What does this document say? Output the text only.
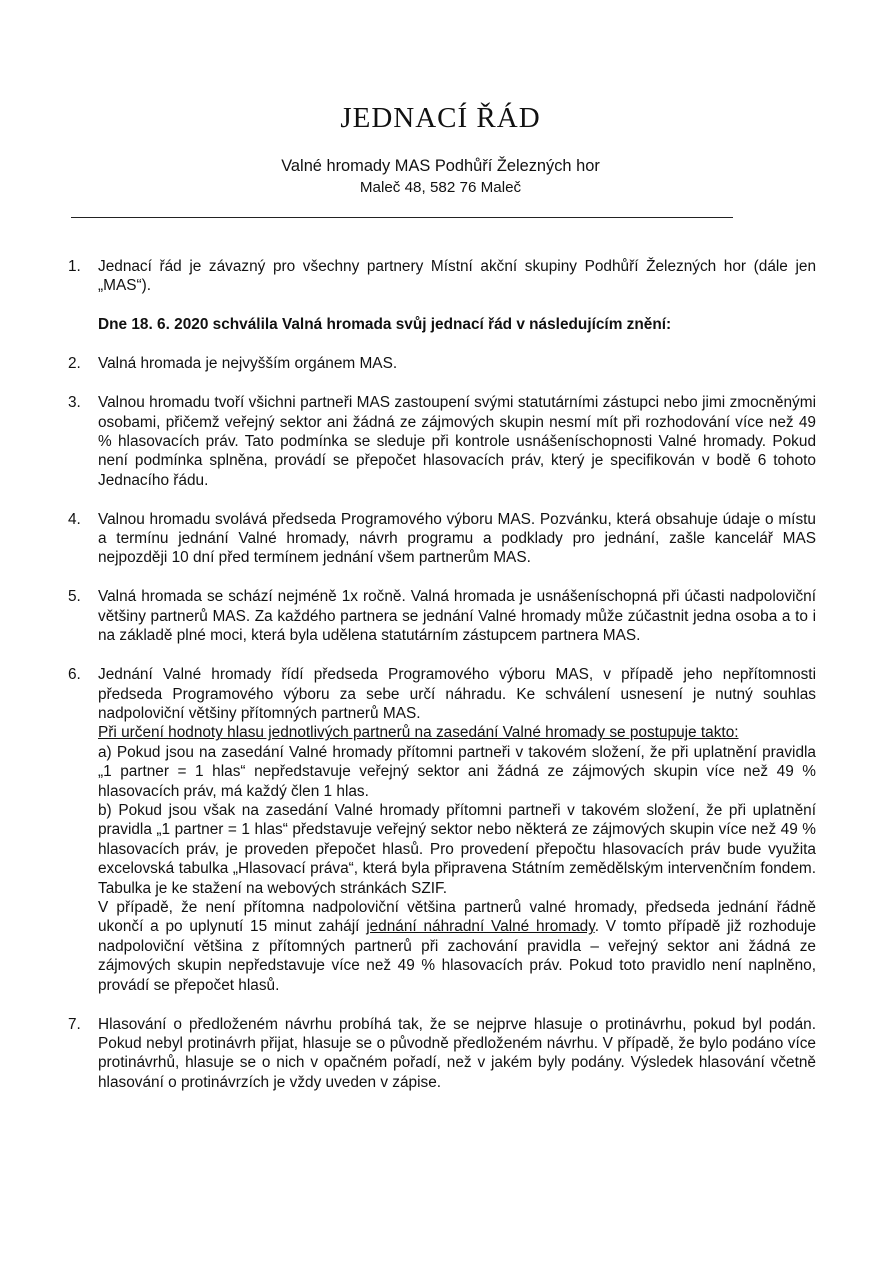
JEDNACÍ ŘÁD

Valné hromady MAS Podhůří Železných hor

Maleč 48, 582 76 Maleč

1.	Jednací řád je závazný pro všechny partnery Místní akční skupiny Podhůří Železných hor (dále jen „MAS“).

Dne 18. 6. 2020 schválila Valná hromada svůj jednací řád v následujícím znění:

2.	Valná hromada je nejvyšším orgánem MAS.
3.	Valnou hromadu tvoří všichni partneři MAS zastoupení svými statutárními zástupci nebo jimi zmocněnými osobami, přičemž veřejný sektor ani žádná ze zájmových skupin nesmí mít při rozhodování více než 49 % hlasovacích práv. Tato podmínka se sleduje při kontrole usnášeníschopnosti Valné hromady. Pokud není podmínka splněna, provádí se přepočet hlasovacích práv, který je specifikován v bodě 6 tohoto Jednacího řádu.
4.	Valnou hromadu svolává předseda Programového výboru MAS. Pozvánku, která obsahuje údaje o místu a termínu jednání Valné hromady, návrh programu a podklady pro jednání, zašle kancelář MAS nejpozději 10 dní před termínem jednání všem partnerům MAS.
5.	Valná hromada se schází nejméně 1x ročně. Valná hromada je usnášeníschopná při účasti nadpoloviční většiny partnerů MAS. Za každého partnera se jednání Valné hromady může zúčastnit jedna osoba a to i na základě plné moci, která byla udělena statutárním zástupcem partnera MAS.
6.	Jednání Valné hromady řídí předseda Programového výboru MAS, v případě jeho nepřítomnosti předseda Programového výboru za sebe určí náhradu. Ke schválení usnesení je nutný souhlas nadpoloviční většiny přítomných partnerů MAS.

Při určení hodnoty hlasu jednotlivých partnerů na zasedání Valné hromady se postupuje takto:

a) Pokud jsou na zasedání Valné hromady přítomni partneři v takovém složení, že při uplatnění pravidla „1 partner = 1 hlas“ nepředstavuje veřejný sektor ani žádná ze zájmových skupin více než 49 % hlasovacích práv, má každý člen 1 hlas.

b) Pokud jsou však na zasedání Valné hromady přítomni partneři v takovém složení, že při uplatnění pravidla „1 partner = 1 hlas“ představuje veřejný sektor nebo některá ze zájmových skupin více než 49 % hlasovacích práv, je proveden přepočet hlasů. Pro provedení přepočtu hlasovacích práv bude využita excelovská tabulka „Hlasovací práva“, která byla připravena Státním zemědělským intervenčním fondem. Tabulka je ke stažení na webových stránkách SZIF.

V případě, že není přítomna nadpoloviční většina partnerů valné hromady, předseda jednání řádně ukončí a po uplynutí 15 minut zahájí jednání náhradní Valné hromady. V tomto případě již rozhoduje nadpoloviční většina z přítomných partnerů při zachování pravidla – veřejný sektor ani žádná ze zájmových skupin nepředstavuje více než 49 % hlasovacích práv. Pokud toto pravidlo není naplněno, provádí se přepočet hlasů.

7.	Hlasování o předloženém návrhu probíhá tak, že se nejprve hlasuje o protinávrhu, pokud byl podán. Pokud nebyl protinávrh přijat, hlasuje se o původně předloženém návrhu. V případě, že bylo podáno více protinávrhů, hlasuje se o nich v opačném pořadí, než v jakém byly podány. Výsledek hlasování včetně hlasování o protinávrzích je vždy uveden v zápise.
